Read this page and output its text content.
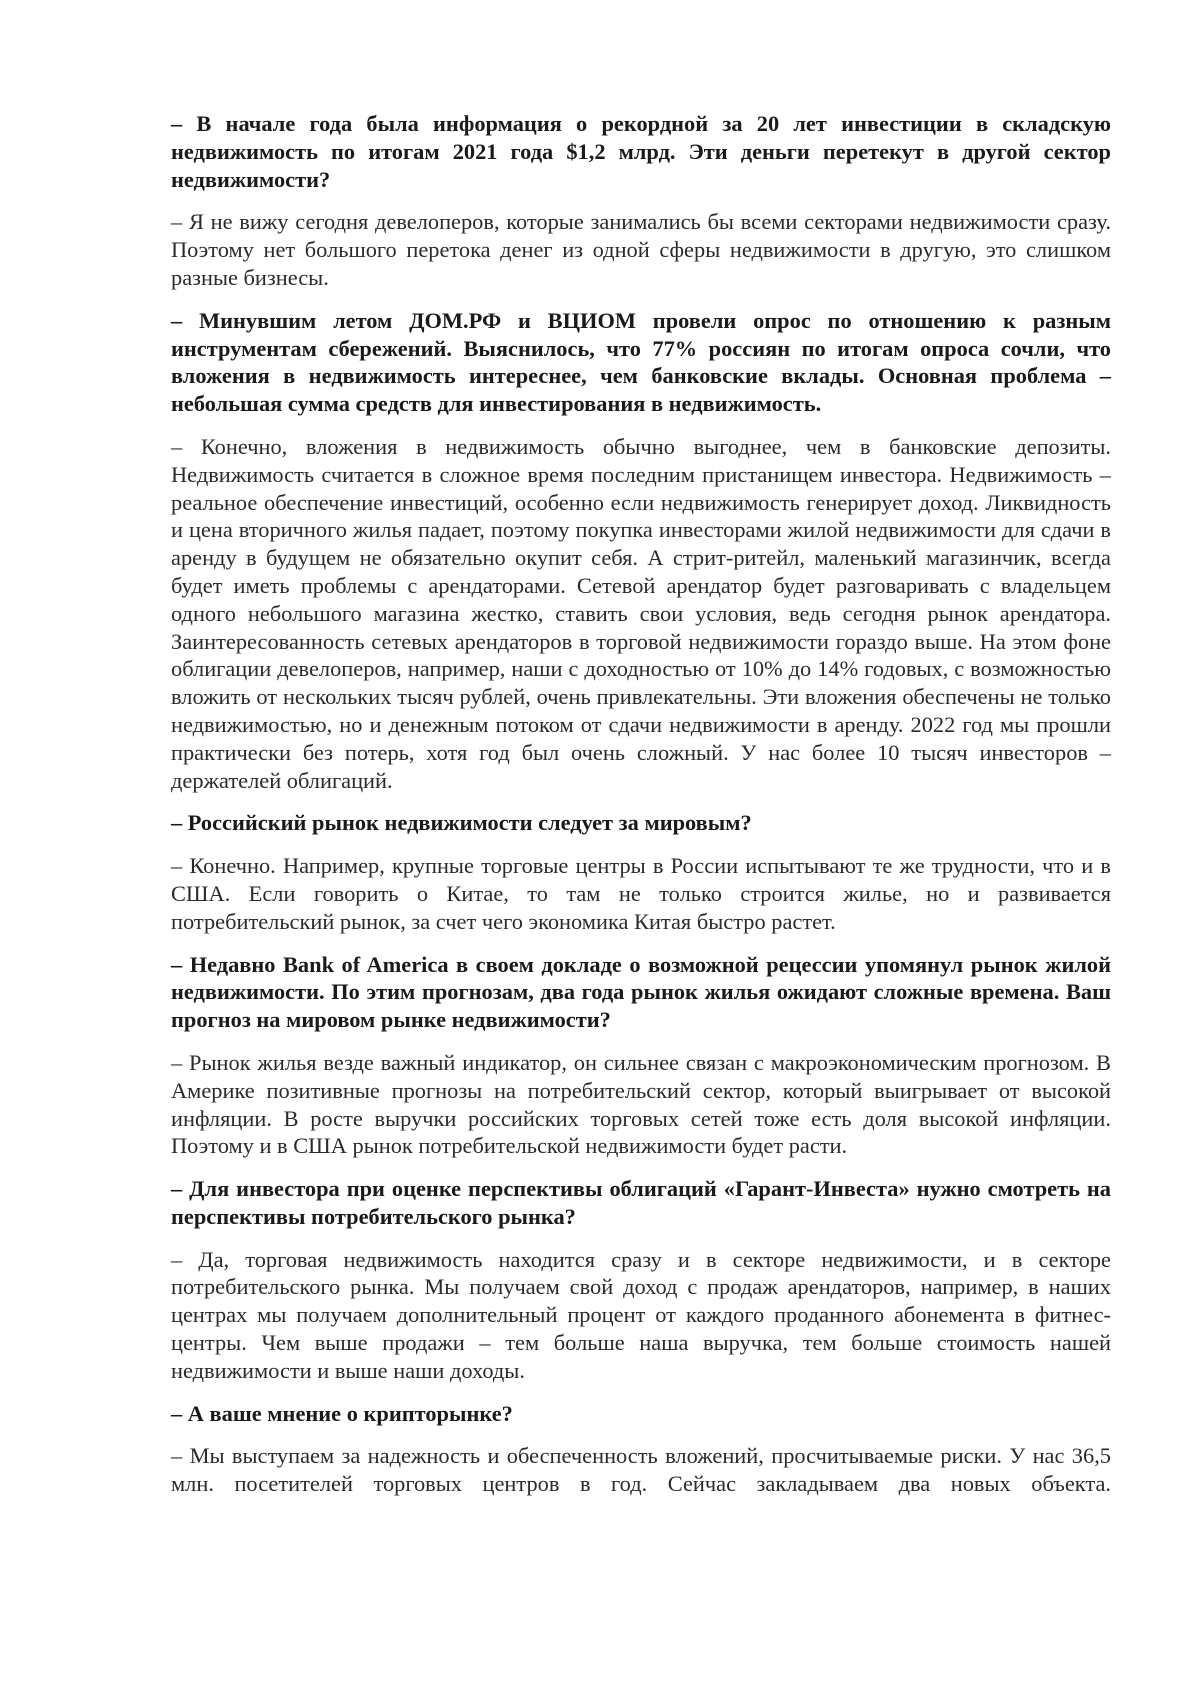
– В начале года была информация о рекордной за 20 лет инвестиции в складскую недвижимость по итогам 2021 года $1,2 млрд. Эти деньги перетекут в другой сектор недвижимости?

– Я не вижу сегодня девелоперов, которые занимались бы всеми секторами недвижимости сразу. Поэтому нет большого перетока денег из одной сферы недвижимости в другую, это слишком разные бизнесы.

– Минувшим летом ДОМ.РФ и ВЦИОМ провели опрос по отношению к разным инструментам сбережений. Выяснилось, что 77% россиян по итогам опроса сочли, что вложения в недвижимость интереснее, чем банковские вклады. Основная проблема – небольшая сумма средств для инвестирования в недвижимость.

– Конечно, вложения в недвижимость обычно выгоднее, чем в банковские депозиты. Недвижимость считается в сложное время последним пристанищем инвестора. Недвижимость – реальное обеспечение инвестиций, особенно если недвижимость генерирует доход. Ликвидность и цена вторичного жилья падает, поэтому покупка инвесторами жилой недвижимости для сдачи в аренду в будущем не обязательно окупит себя. А стрит-ритейл, маленький магазинчик, всегда будет иметь проблемы с арендаторами. Сетевой арендатор будет разговаривать с владельцем одного небольшого магазина жестко, ставить свои условия, ведь сегодня рынок арендатора. Заинтересованность сетевых арендаторов в торговой недвижимости гораздо выше. На этом фоне облигации девелоперов, например, наши с доходностью от 10% до 14% годовых, с возможностью вложить от нескольких тысяч рублей, очень привлекательны. Эти вложения обеспечены не только недвижимостью, но и денежным потоком от сдачи недвижимости в аренду. 2022 год мы прошли практически без потерь, хотя год был очень сложный. У нас более 10 тысяч инвесторов – держателей облигаций.

– Российский рынок недвижимости следует за мировым?

– Конечно. Например, крупные торговые центры в России испытывают те же трудности, что и в США. Если говорить о Китае, то там не только строится жилье, но и развивается потребительский рынок, за счет чего экономика Китая быстро растет.

– Недавно Bank of America в своем докладе о возможной рецессии упомянул рынок жилой недвижимости. По этим прогнозам, два года рынок жилья ожидают сложные времена. Ваш прогноз на мировом рынке недвижимости?

– Рынок жилья везде важный индикатор, он сильнее связан с макроэкономическим прогнозом. В Америке позитивные прогнозы на потребительский сектор, который выигрывает от высокой инфляции. В росте выручки российских торговых сетей тоже есть доля высокой инфляции. Поэтому и в США рынок потребительской недвижимости будет расти.

– Для инвестора при оценке перспективы облигаций «Гарант-Инвеста» нужно смотреть на перспективы потребительского рынка?

– Да, торговая недвижимость находится сразу и в секторе недвижимости, и в секторе потребительского рынка. Мы получаем свой доход с продаж арендаторов, например, в наших центрах мы получаем дополнительный процент от каждого проданного абонемента в фитнес-центры. Чем выше продажи – тем больше наша выручка, тем больше стоимость нашей недвижимости и выше наши доходы.

– А ваше мнение о крипторынке?

– Мы выступаем за надежность и обеспеченность вложений, просчитываемые риски. У нас 36,5 млн. посетителей торговых центров в год. Сейчас закладываем два новых объекта.
